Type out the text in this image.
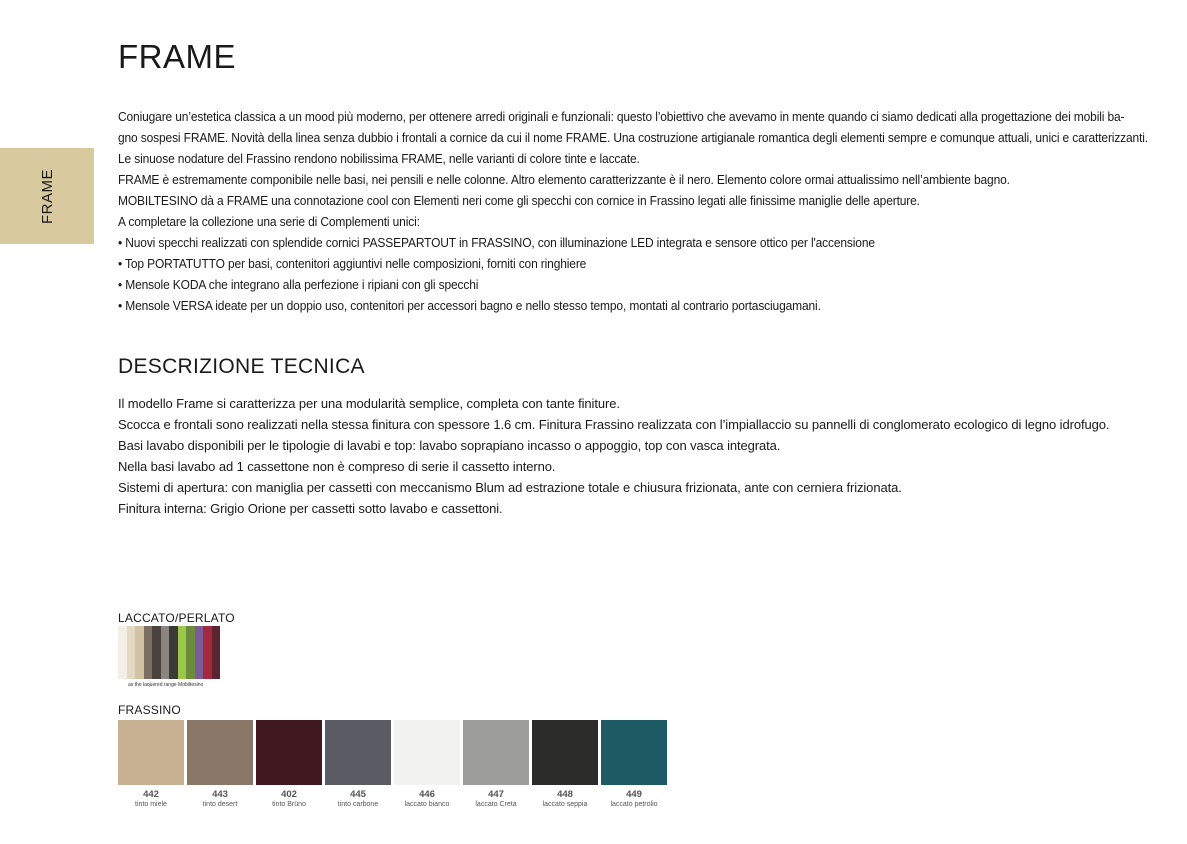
FRAME
FRAME

Coniugare un’estetica classica a un mood più moderno, per ottenere arredi originali e funzionali: questo l’obiettivo che avevamo in mente quando ci siamo dedicati alla progettazione dei mobili ba-

gno sospesi FRAME. Novità della linea senza dubbio i frontali a cornice da cui il nome FRAME. Una costruzione artigianale romantica degli elementi sempre e comunque attuali, unici e caratterizzanti.

Le sinuose nodature del Frassino rendono nobilissima FRAME, nelle varianti di colore tinte e laccate.

FRAME è estremamente componibile nelle basi, nei pensili e nelle colonne. Altro elemento caratterizzante è il nero. Elemento colore ormai attualissimo nell’ambiente bagno.

MOBILTESINO dà a FRAME una connotazione cool con Elementi neri come gli specchi con cornice in Frassino legati alle finissime maniglie delle aperture.

A completare la collezione una serie di Complementi unici:

• Nuovi specchi realizzati con splendide cornici PASSEPARTOUT in FRASSINO, con illuminazione LED integrata e sensore ottico per l'accensione

• Top PORTATUTTO per basi, contenitori aggiuntivi nelle composizioni, forniti con ringhiere

• Mensole KODA che integrano alla perfezione i ripiani con gli specchi

• Mensole VERSA ideate per un doppio uso, contenitori per accessori bagno e nello stesso tempo, montati al contrario portasciugamani.

DESCRIZIONE TECNICA

Il modello Frame si caratterizza per una modularità semplice, completa con tante finiture.

Scocca e frontali sono realizzati nella stessa finitura con spessore 1.6 cm. Finitura Frassino realizzata con l’impiallaccio su pannelli di conglomerato ecologico di legno idrofugo.

Basi lavabo disponibili per le tipologie di lavabi e top: lavabo soprapiano incasso o appoggio, top con vasca integrata.

Nella basi lavabo ad 1 cassettone non è compreso di serie il cassetto interno.

Sistemi di apertura: con maniglia per cassetti con meccanismo Blum ad estrazione totale e chiusura frizionata, ante con cerniera frizionata.

Finitura interna: Grigio Orione per cassetti sotto lavabo e cassettoni.

LACCATO/PERLATO
as the laquered range Mobiltesino
FRASSINO
442
tinto miele
443
tinto desert
402
tinto Brüno
445
tinto carbone
446
laccato bianco
447
laccato Creta
448
laccato seppia
449
laccato petrolio
